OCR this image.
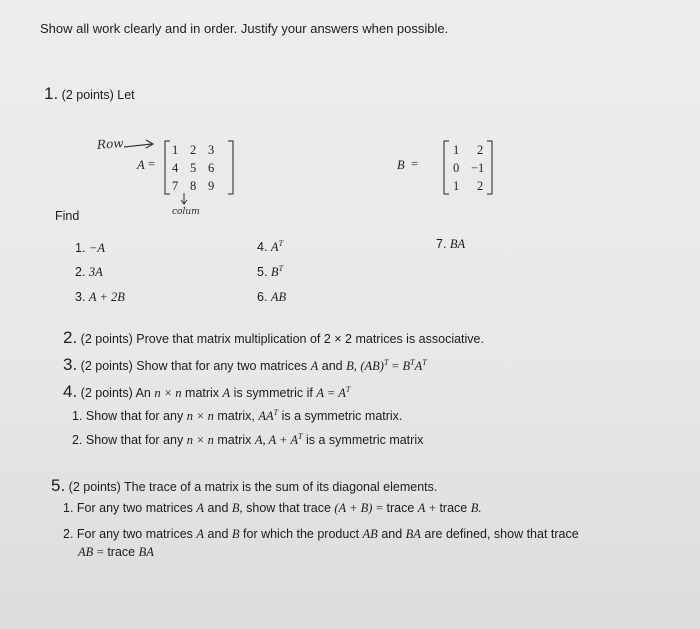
Show all work clearly and in order. Justify your answers when possible.
1. (2 points) Let
Row
colum
A =
1 2 3
4 5 6
7 8 9
B =
1 2
0 −1
1 2
Find
1. −A
2. 3A
3. A + 2B
4. $A^T$
5. $B^T$
6. AB
7. BA
2. (2 points) Prove that matrix multiplication of 2 × 2 matrices is associative.
3. (2 points) Show that for any two matrices A and B, $(AB)^T = B^TA^T$
4. (2 points) An n × n matrix A is symmetric if $A = A^T$
1. Show that for any n × n matrix, $AA^T$ is a symmetric matrix.
2. Show that for any n × n matrix A, $A + A^T$ is a symmetric matrix
5. (2 points) The trace of a matrix is the sum of its diagonal elements.
1. For any two matrices A and B, show that trace (A + B) = trace A + trace B.
2. For any two matrices A and B for which the product AB and BA are defined, show that trace
AB = trace BA
